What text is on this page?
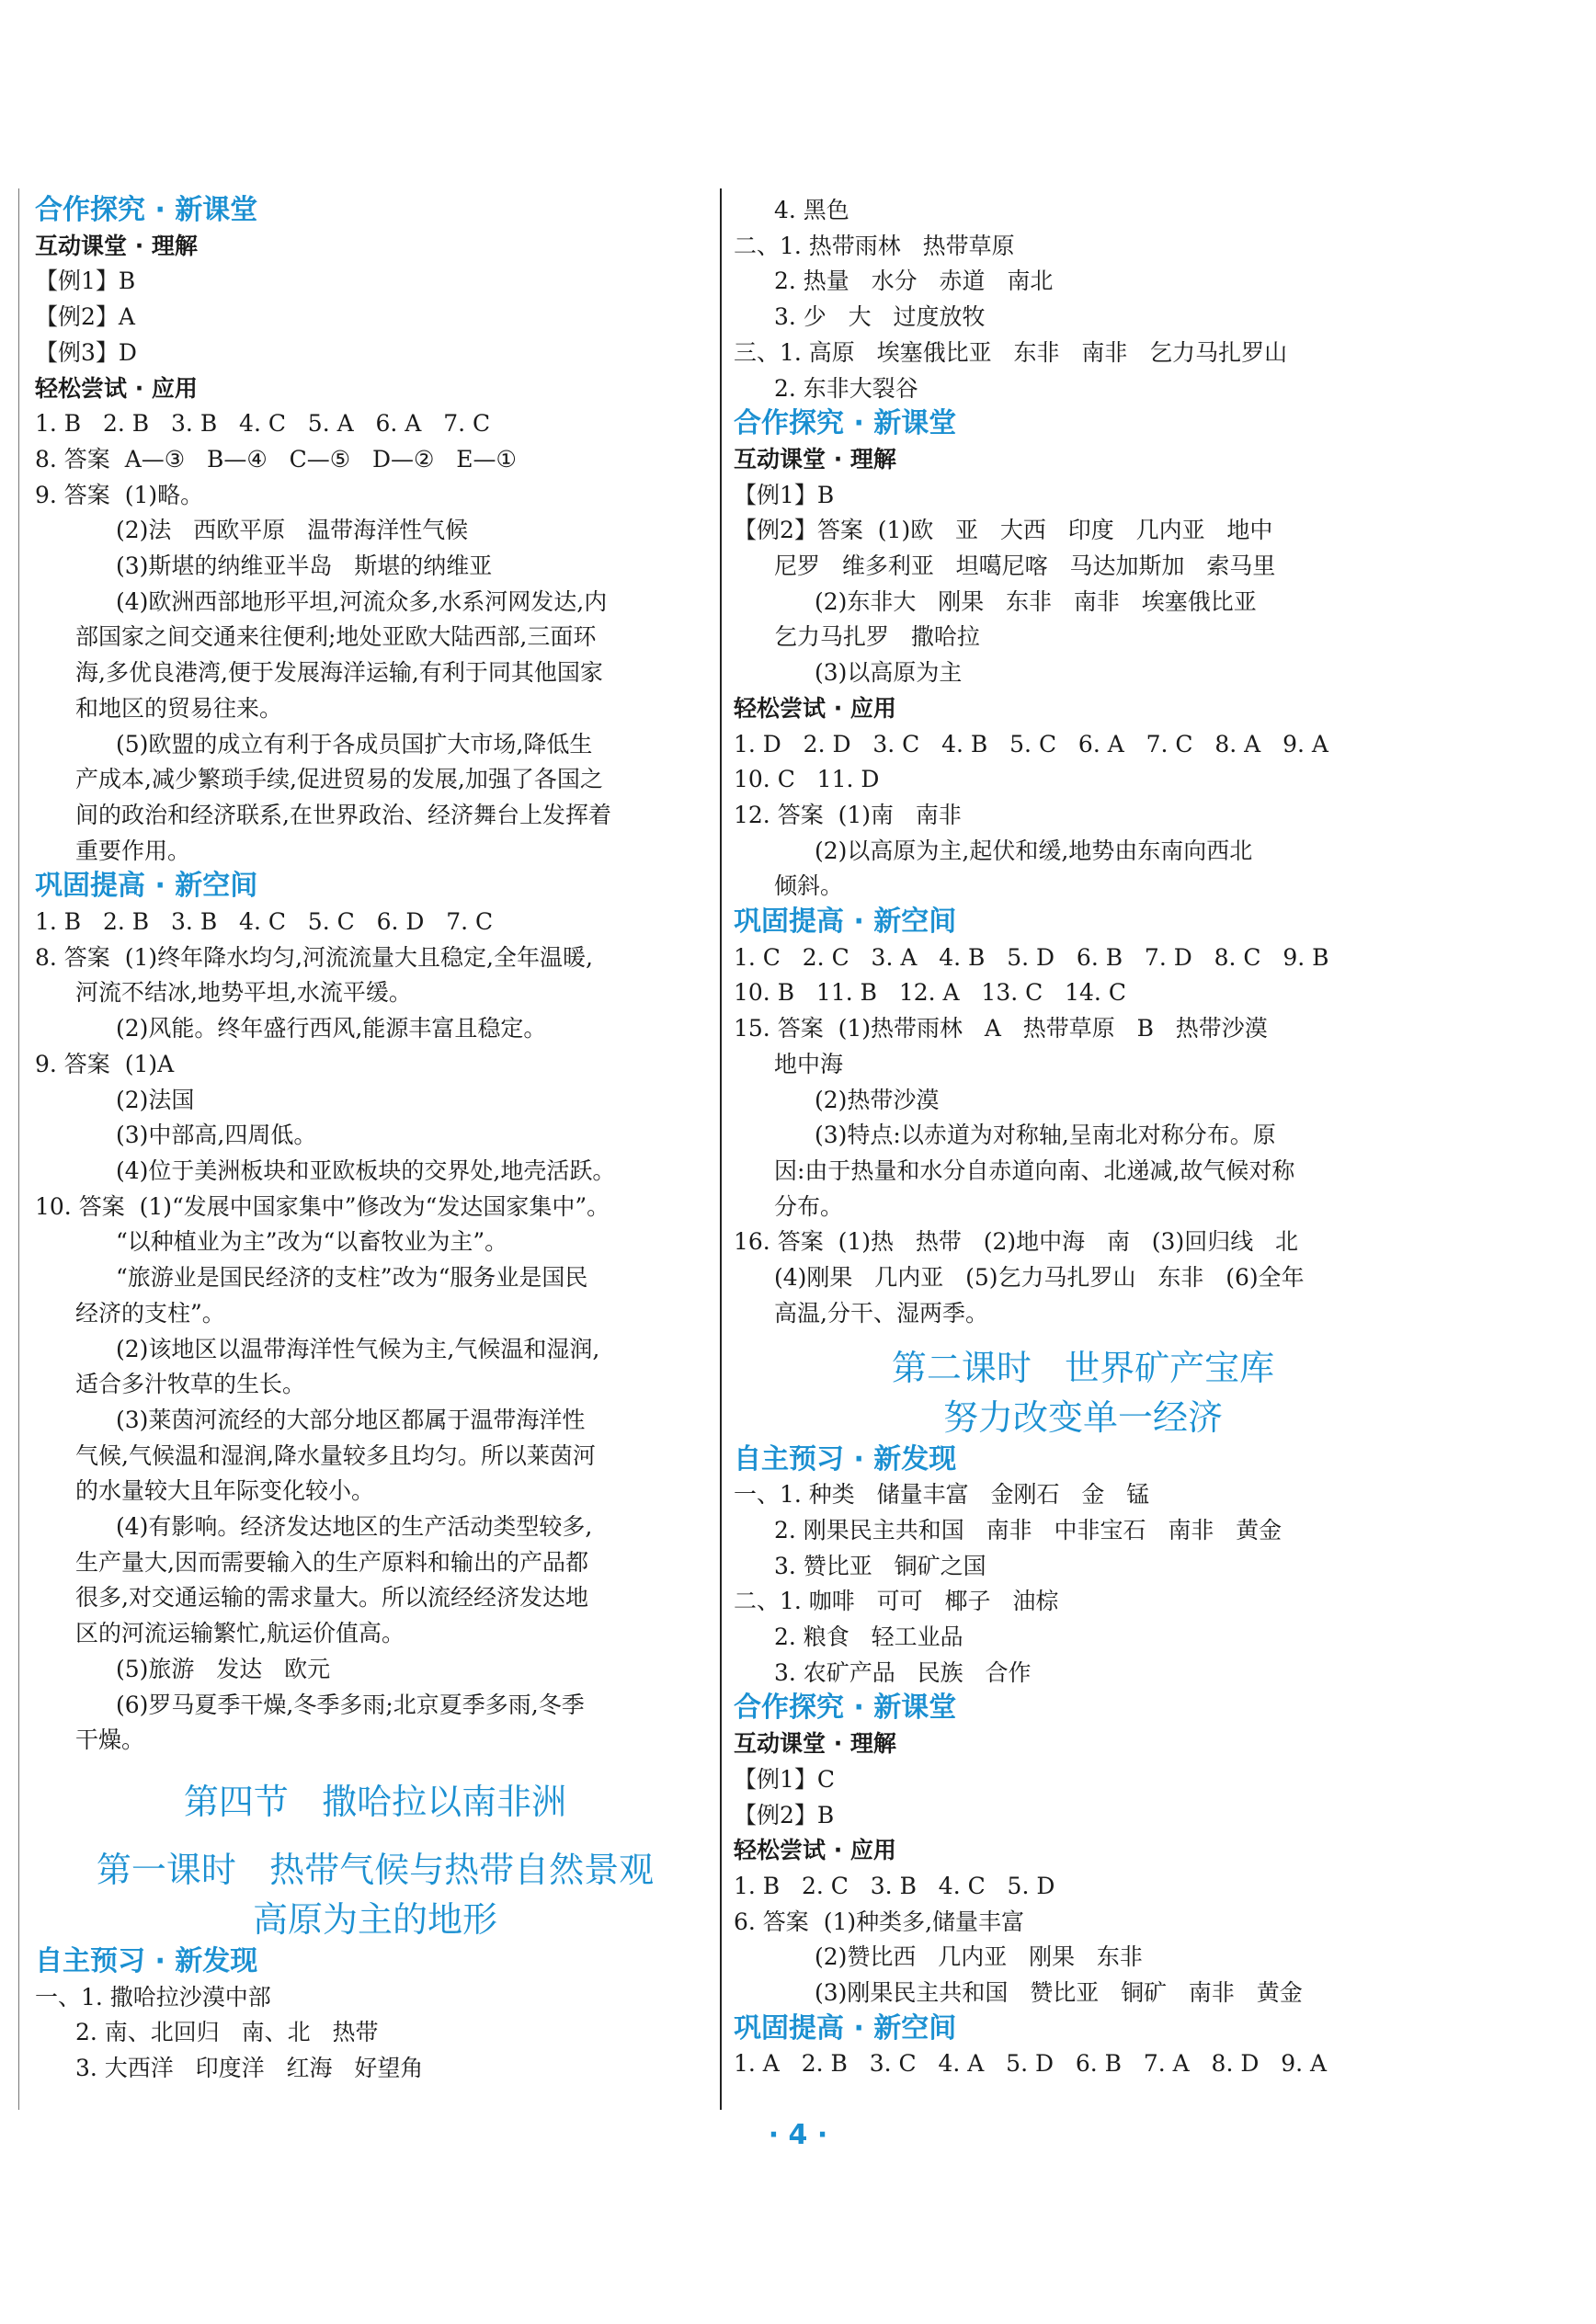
合作探究 · 新课堂
互动课堂 · 理解
【例1】B
【例2】A
【例3】D
轻松尝试 · 应用
1. B   2. B   3. B   4. C   5. A   6. A   7. C
8. 答案  A—③   B—④   C—⑤   D—②   E—①
9. 答案  (1)略。
(2)法   西欧平原   温带海洋性气候
(3)斯堪的纳维亚半岛   斯堪的纳维亚
(4)欧洲西部地形平坦,河流众多,水系河网发达,内
部国家之间交通来往便利;地处亚欧大陆西部,三面环
海,多优良港湾,便于发展海洋运输,有利于同其他国家
和地区的贸易往来。
(5)欧盟的成立有利于各成员国扩大市场,降低生
产成本,减少繁琐手续,促进贸易的发展,加强了各国之
间的政治和经济联系,在世界政治、经济舞台上发挥着
重要作用。
巩固提高 · 新空间
1. B   2. B   3. B   4. C   5. C   6. D   7. C
8. 答案  (1)终年降水均匀,河流流量大且稳定,全年温暖,
河流不结冰,地势平坦,水流平缓。
(2)风能。终年盛行西风,能源丰富且稳定。
9. 答案  (1)A
(2)法国
(3)中部高,四周低。
(4)位于美洲板块和亚欧板块的交界处,地壳活跃。
10. 答案  (1)“发展中国家集中”修改为“发达国家集中”。
“以种植业为主”改为“以畜牧业为主”。
“旅游业是国民经济的支柱”改为“服务业是国民
经济的支柱”。
(2)该地区以温带海洋性气候为主,气候温和湿润,
适合多汁牧草的生长。
(3)莱茵河流经的大部分地区都属于温带海洋性
气候,气候温和湿润,降水量较多且均匀。所以莱茵河
的水量较大且年际变化较小。
(4)有影响。经济发达地区的生产活动类型较多,
生产量大,因而需要输入的生产原料和输出的产品都
很多,对交通运输的需求量大。所以流经经济发达地
区的河流运输繁忙,航运价值高。
(5)旅游   发达   欧元
(6)罗马夏季干燥,冬季多雨;北京夏季多雨,冬季
干燥。
第四节   撒哈拉以南非洲
第一课时   热带气候与热带自然景观
高原为主的地形
自主预习 · 新发现
一、1. 撒哈拉沙漠中部
2. 南、北回归   南、北   热带
3. 大西洋   印度洋   红海   好望角
4. 黑色
二、1. 热带雨林   热带草原
2. 热量   水分   赤道   南北
3. 少   大   过度放牧
三、1. 高原   埃塞俄比亚   东非   南非   乞力马扎罗山
2. 东非大裂谷
合作探究 · 新课堂
互动课堂 · 理解
【例1】B
【例2】答案  (1)欧   亚   大西   印度   几内亚   地中
尼罗   维多利亚   坦噶尼喀   马达加斯加   索马里
(2)东非大   刚果   东非   南非   埃塞俄比亚
乞力马扎罗   撒哈拉
(3)以高原为主
轻松尝试 · 应用
1. D   2. D   3. C   4. B   5. C   6. A   7. C   8. A   9. A
10. C   11. D
12. 答案  (1)南   南非
(2)以高原为主,起伏和缓,地势由东南向西北
倾斜。
巩固提高 · 新空间
1. C   2. C   3. A   4. B   5. D   6. B   7. D   8. C   9. B
10. B   11. B   12. A   13. C   14. C
15. 答案  (1)热带雨林   A   热带草原   B   热带沙漠
地中海
(2)热带沙漠
(3)特点:以赤道为对称轴,呈南北对称分布。原
因:由于热量和水分自赤道向南、北递减,故气候对称
分布。
16. 答案  (1)热   热带   (2)地中海   南   (3)回归线   北
(4)刚果   几内亚   (5)乞力马扎罗山   东非   (6)全年
高温,分干、湿两季。
第二课时   世界矿产宝库
努力改变单一经济
自主预习 · 新发现
一、1. 种类   储量丰富   金刚石   金   锰
2. 刚果民主共和国   南非   中非宝石   南非   黄金
3. 赞比亚   铜矿之国
二、1. 咖啡   可可   椰子   油棕
2. 粮食   轻工业品
3. 农矿产品   民族   合作
合作探究 · 新课堂
互动课堂 · 理解
【例1】C
【例2】B
轻松尝试 · 应用
1. B   2. C   3. B   4. C   5. D
6. 答案  (1)种类多,储量丰富
(2)赞比西   几内亚   刚果   东非
(3)刚果民主共和国   赞比亚   铜矿   南非   黄金
巩固提高 · 新空间
1. A   2. B   3. C   4. A   5. D   6. B   7. A   8. D   9. A
· 4 ·
